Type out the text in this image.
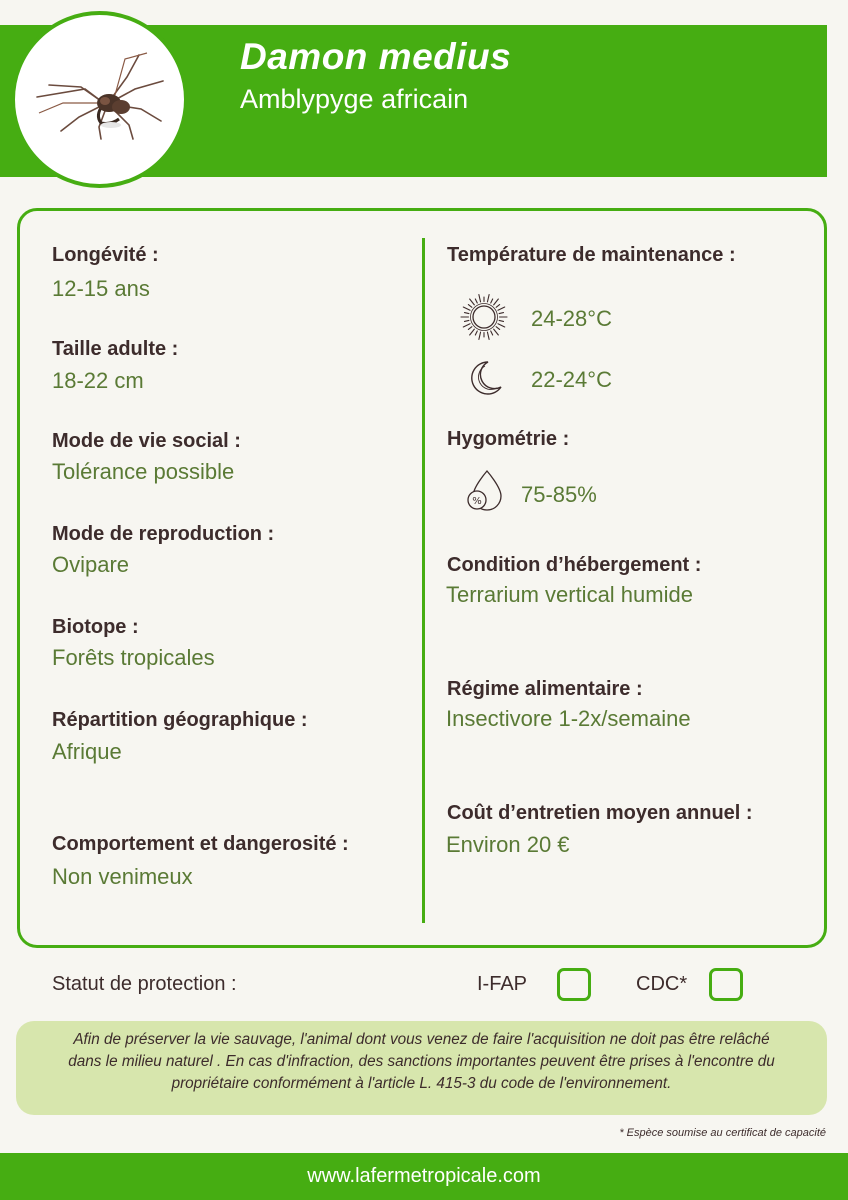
Damon medius
Amblypyge africain
Longévité :
12-15 ans
Taille adulte :
18-22 cm
Mode de vie social :
Tolérance possible
Mode de reproduction :
Ovipare
Biotope :
Forêts tropicales
Répartition géographique :
Afrique
Comportement et dangerosité :
Non venimeux
Température de maintenance :
24-28°C
22-24°C
Hygométrie :
% 75-85%
Condition d’hébergement :
Terrarium vertical humide
Régime alimentaire :
Insectivore 1-2x/semaine
Coût d’entretien moyen annuel :
Environ 20 €
Statut de protection :	I-FAP	CDC*
Afin de préserver la vie sauvage, l'animal dont vous venez de faire l'acquisition ne doit pas être relâché dans le milieu naturel . En cas d'infraction, des sanctions importantes peuvent être prises à l'encontre du propriétaire conformément à l'article L. 415-3 du code de l'environnement.
* Espèce soumise au certificat de capacité
www.lafermetropicale.com
